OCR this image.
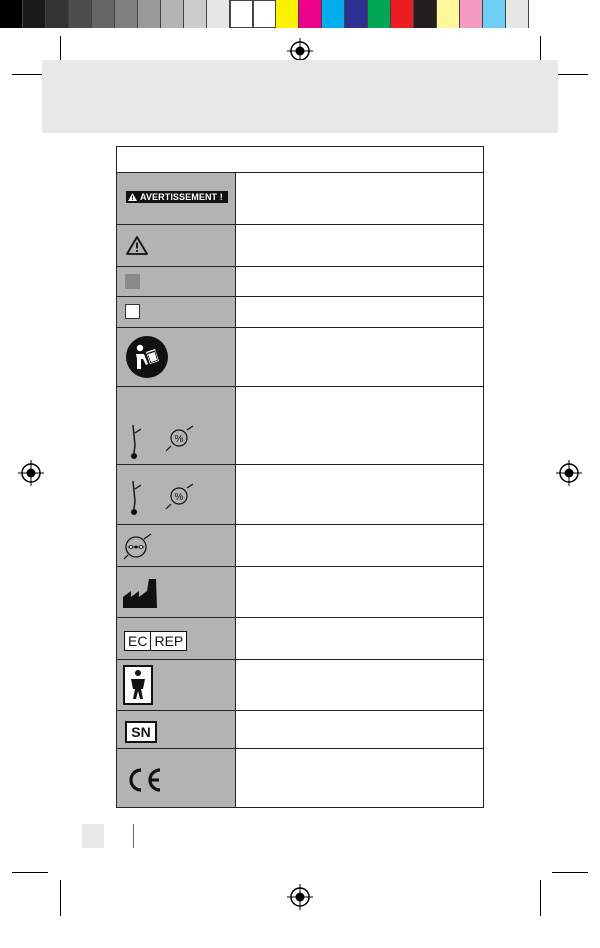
AVERTISSEMENT !
%
%
EC REP
SN
